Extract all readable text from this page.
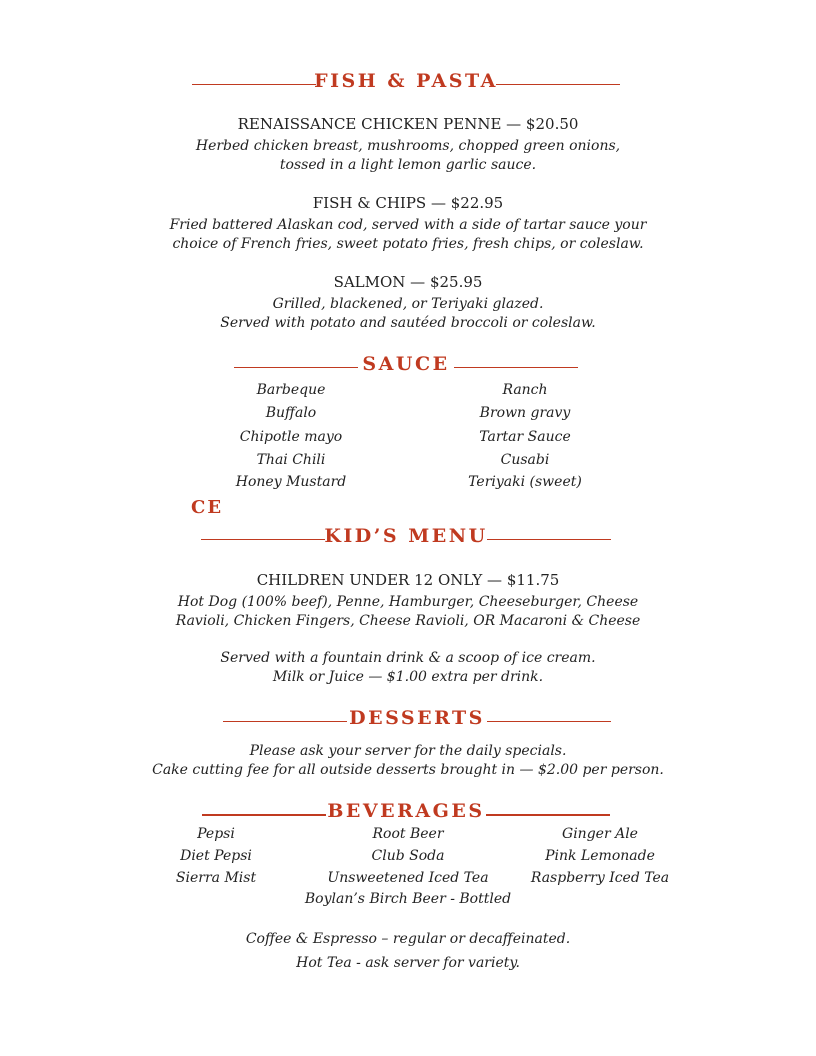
FISH & PASTA
RENAISSANCE CHICKEN PENNE — $20.50
Herbed chicken breast, mushrooms, chopped green onions,
tossed in a light lemon garlic sauce.
FISH & CHIPS — $22.95
Fried battered Alaskan cod, served with a side of tartar sauce your
choice of French fries, sweet potato fries, fresh chips, or coleslaw.
SALMON — $25.95
Grilled, blackened, or Teriyaki glazed.
Served with potato and sautéed broccoli or coleslaw.
SAUCE
Barbeque
Buffalo
Chipotle mayo
Thai Chili
Honey Mustard
Ranch
Brown gravy
Tartar Sauce
Cusabi
Teriyaki (sweet)
CE
KID’S MENU
CHILDREN UNDER 12 ONLY — $11.75
Hot Dog (100% beef), Penne, Hamburger, Cheeseburger, Cheese
Ravioli, Chicken Fingers, Cheese Ravioli, OR Macaroni & Cheese
Served with a fountain drink & a scoop of ice cream.
Milk or Juice — $1.00 extra per drink.
DESSERTS
Please ask your server for the daily specials.
Cake cutting fee for all outside desserts brought in — $2.00 per person.
BEVERAGES
Pepsi
Diet Pepsi
Sierra Mist
Root Beer
Club Soda
Unsweetened Iced Tea
Boylan’s Birch Beer - Bottled
Ginger Ale
Pink Lemonade
Raspberry Iced Tea
Coffee & Espresso – regular or decaffeinated.
Hot Tea - ask server for variety.
